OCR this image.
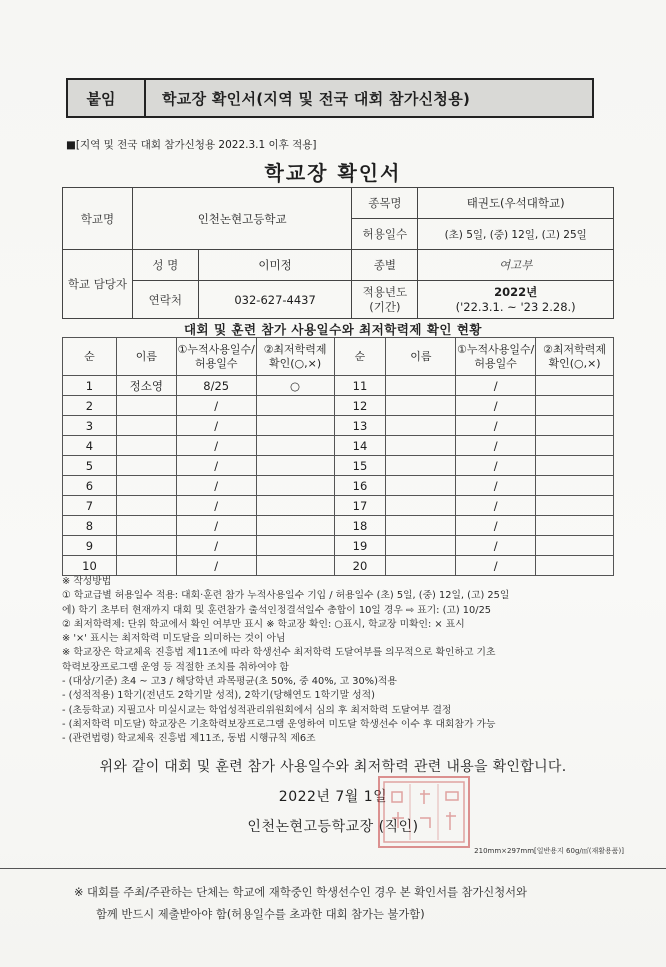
붙임	학교장 확인서(지역 및 전국 대회 참가신청용)
■[지역 및 전국 대회 참가신청용 2022.3.1 이후 적용]
학교장 확인서
학교명	인천논현고등학교		종목명	태권도(우석대학교)
			허용일수	(초) 5일, (중) 12일, (고) 25일
학교 담당자	성 명	이미정	종별	여고부
	연락처	032-627-4437	적용년도 (기간)	2022년
('22.3.1. ~ '23 2.28.)
대회 및 훈련 참가 사용일수와 최저학력제 확인 현황
순	이름	①누적사용일수/허용일수	②최저학력제 확인(○,×)	순	이름	①누적사용일수/허용일수	②최저학력제 확인(○,×)
1	정소영	8/25	○	11		/	
2		/		12		/	
3		/		13		/	
4		/		14		/	
5		/		15		/	
6		/		16		/	
7		/		17		/	
8		/		18		/	
9		/		19		/	
10		/		20		/	
※ 작성방법
① 학교급별 허용일수 적용: 대회·훈련 참가 누적사용일수 기입 / 허용일수 (초) 5일, (중) 12일, (고) 25일
에) 학기 초부터 현재까지 대회 및 훈련참가 출석인정결석일수 총합이 10일 경우 ⇨ 표기: (고) 10/25
② 최저학력제: 단위 학교에서 확인 여부만 표시 ※ 학교장 확인: ○표시, 학교장 미확인: × 표시
※ '×' 표시는 최저학력 미도달을 의미하는 것이 아님
※ 학교장은 학교체육 진흥법 제11조에 따라 학생선수 최저학력 도달여부를 의무적으로 확인하고 기초
학력보장프로그램 운영 등 적절한 조치를 취하여야 함
- (대상/기준) 초4 ~ 고3 / 해당학년 과목평균(초 50%, 중 40%, 고 30%)적용
- (성적적용) 1학기(전년도 2학기말 성적), 2학기(당해연도 1학기말 성적)
- (초등학교) 지필고사 미실시교는 학업성적관리위원회에서 심의 후 최저학력 도달여부 결정
- (최저학력 미도달) 학교장은 기초학력보장프로그램 운영하여 미도달 학생선수 이수 후 대회참가 가능
- (관련법령) 학교체육 진흥법 제11조, 동법 시행규칙 제6조
위와 같이 대회 및 훈련 참가 사용일수와 최저학력 관련 내용을 확인합니다.
2022년 7월 1일
인천논현고등학교장 (직인)
210mm×297mm[일반용지 60g/㎡(재활용품)]
※ 대회를 주최/주관하는 단체는 학교에 재학중인 학생선수인 경우 본 확인서를 참가신청서와
함께 반드시 제출받아야 함(허용일수를 초과한 대회 참가는 불가함)
